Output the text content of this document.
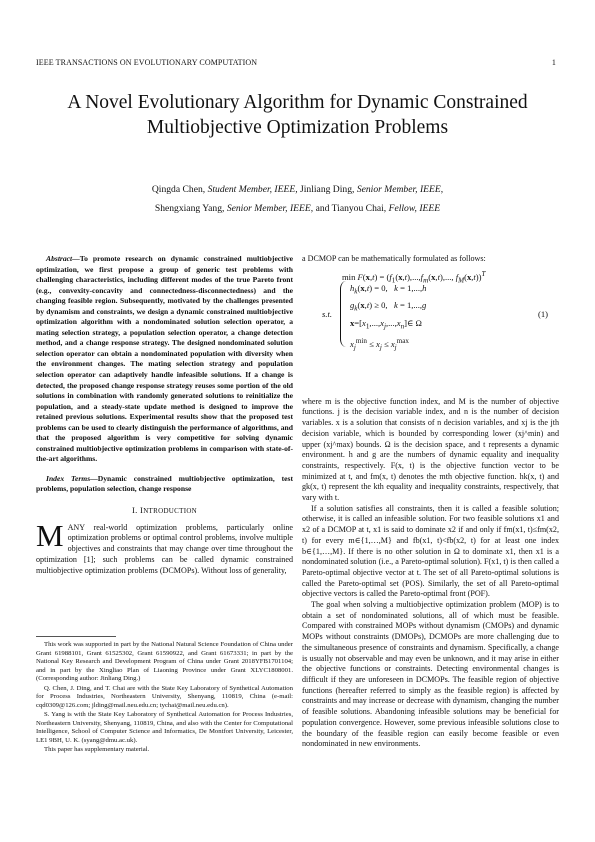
IEEE TRANSACTIONS ON EVOLUTIONARY COMPUTATION	1
A Novel Evolutionary Algorithm for Dynamic Constrained Multiobjective Optimization Problems
Qingda Chen, Student Member, IEEE, Jinliang Ding, Senior Member, IEEE,
Shengxiang Yang, Senior Member, IEEE, and Tianyou Chai, Fellow, IEEE

Abstract—To promote research on dynamic constrained multiobjective optimization, we first propose a group of generic test problems with challenging characteristics, including different modes of the true Pareto front (e.g., convexity-concavity and connectedness-disconnectedness) and the changing feasible region. Subsequently, motivated by the challenges presented by dynamism and constraints, we design a dynamic constrained multiobjective optimization algorithm with a nondominated solution selection operator, a mating selection strategy, a population selection operator, a change detection method, and a change response strategy. The designed nondominated solution selection operator can obtain a nondominated population with diversity when the environment changes. The mating selection strategy and population selection operator can adaptively handle infeasible solutions. If a change is detected, the proposed change response strategy reuses some portion of the old solutions in combination with randomly generated solutions to reinitialize the population, and a steady-state update method is designed to improve the retained previous solutions. Experimental results show that the proposed test problems can be used to clearly distinguish the performance of algorithms, and that the proposed algorithm is very competitive for solving dynamic constrained multiobjective optimization problems in comparison with state-of-the-art algorithms.

Index Terms—Dynamic constrained multiobjective optimization, test problems, population selection, change response

I. INTRODUCTION

MANY real-world optimization problems, particularly online optimization problems or optimal control problems, involve multiple objectives and constraints that may change over time throughout the optimization [1]; such problems can be called dynamic constrained multiobjective optimization problems (DCMOPs). Without loss of generality,

This work was supported in part by the National Natural Science Foundation of China under Grant 61988101, Grant 61525302, Grant 61590922, and Grant 61673331; in part by the National Key Research and Development Program of China under Grant 2018YFB1701104; and in part by the Xingliao Plan of Liaoning Province under Grant XLYC1808001. (Corresponding author: Jinliang Ding.)

Q. Chen, J. Ding, and T. Chai are with the State Key Laboratory of Synthetical Automation for Process Industries, Northeastern University, Shenyang, 110819, China (e-mail: cqd0309@126.com; jlding@mail.neu.edu.cn; tychai@mail.neu.edu.cn).

S. Yang is with the State Key Laboratory of Synthetical Automation for Process Industries, Northeastern University, Shenyang, 110819, China, and also with the Center for Computational Intelligence, School of Computer Science and Informatics, De Montfort University, Leicester, LE1 9BH, U. K. (syang@dmu.ac.uk).

This paper has supplementary material.

a DCMOP can be mathematically formulated as follows:

$\min F(x,t) = (f_1(x,t),...,f_m(x,t)$,..., $f_M(x,t))^T$
s.t.
$h_k(x,t) = 0$,   k = 1,...,h
$g_k(x,t) \ge 0$,   k = 1,...,g
$x=[x_1,...,x_j,...,x_n]\in$ Ω
$x_j^{min} \le x_j \le x_j^{max}$
(1)

where m is the objective function index, and M is the number of objective functions. j is the decision variable index, and n is the number of decision variables. x is a solution that consists of n decision variables, and xj is the jth decision variable, which is bounded by corresponding lower (xj^min) and upper (xj^max) bounds. Ω is the decision space, and t represents a dynamic environment. h and g are the numbers of dynamic equality and inequality constraints, respectively. F(x, t) is the objective function vector to be minimized at t, and fm(x, t) denotes the mth objective function. hk(x, t) and gk(x, t) represent the kth equality and inequality constraints, respectively, that vary with t.

If a solution satisfies all constraints, then it is called a feasible solution; otherwise, it is called an infeasible solution. For two feasible solutions x1 and x2 of a DCMOP at t, x1 is said to dominate x2 if and only if fm(x1, t)≤fm(x2, t) for every m∈{1,…,M} and fb(x1, t)<fb(x2, t) for at least one index b∈{1,…,M}. If there is no other solution in Ω to dominate x1, then x1 is a nondominated solution (i.e., a Pareto-optimal solution). F(x1, t) is then called a Pareto-optimal objective vector at t. The set of all Pareto-optimal solutions is called the Pareto-optimal set (POS). Similarly, the set of all Pareto-optimal objective vectors is called the Pareto-optimal front (POF).

The goal when solving a multiobjective optimization problem (MOP) is to obtain a set of nondominated solutions, all of which must be feasible. Compared with constrained MOPs without dynamism (CMOPs) and dynamic MOPs without constraints (DMOPs), DCMOPs are more challenging due to the simultaneous presence of constraints and dynamism. Specifically, a change is usually not observable and may even be unknown, and it may arise in either the objective functions or constraints. Detecting environmental changes is difficult if they are unforeseen in DCMOPs. The feasible region of objective functions (hereafter referred to simply as the feasible region) is affected by constraints and may increase or decrease with dynamism, changing the number of feasible solutions. Abandoning infeasible solutions may be beneficial for population convergence. However, some previous infeasible solutions close to the boundary of the feasible region can easily become feasible or even nondominated in new environments.
